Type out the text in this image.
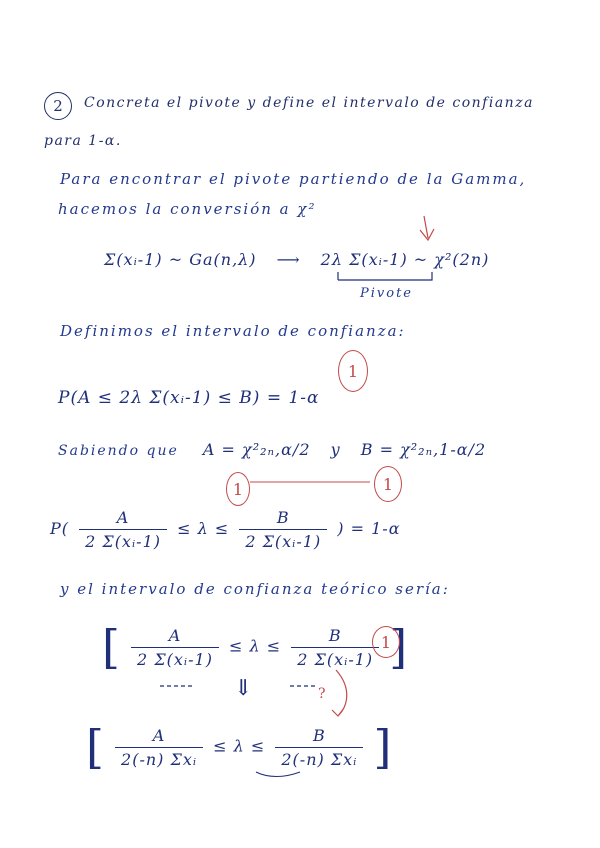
2 Concreta el pivote y define el intervalo de confianza
para 1-α.
Para encontrar el pivote partiendo de la Gamma,
hacemos la conversión a χ²
Σ(xᵢ-1) ~ Ga(n,λ) ⟶ 2λ Σ(xᵢ-1) ~ χ²(2n)
Pivote
Definimos el intervalo de confianza:
P(A ≤ 2λ Σ(xᵢ-1) ≤ B) = 1-α
Sabiendo que A = χ²₂ₙ,α/2 y B = χ²₂ₙ,1-α/2
$P( \frac{A}{\text{2 Σ(xᵢ-1)}} \le \lambda \le \frac{B}{\text{2 Σ(xᵢ-1)}}$ ) = 1-α
y el intervalo de confianza teórico sería:
[ $\frac{A}{\text{2 Σ(xᵢ-1)}} \le \lambda \le \frac{B}{\text{2 Σ(xᵢ-1)}}$ ]
⇓
[ $\frac{A}{\text{2(-n) Σxᵢ}} \le \lambda \le \frac{B}{\text{2(-n) Σxᵢ}}$ ]
1
1	1
1
?
